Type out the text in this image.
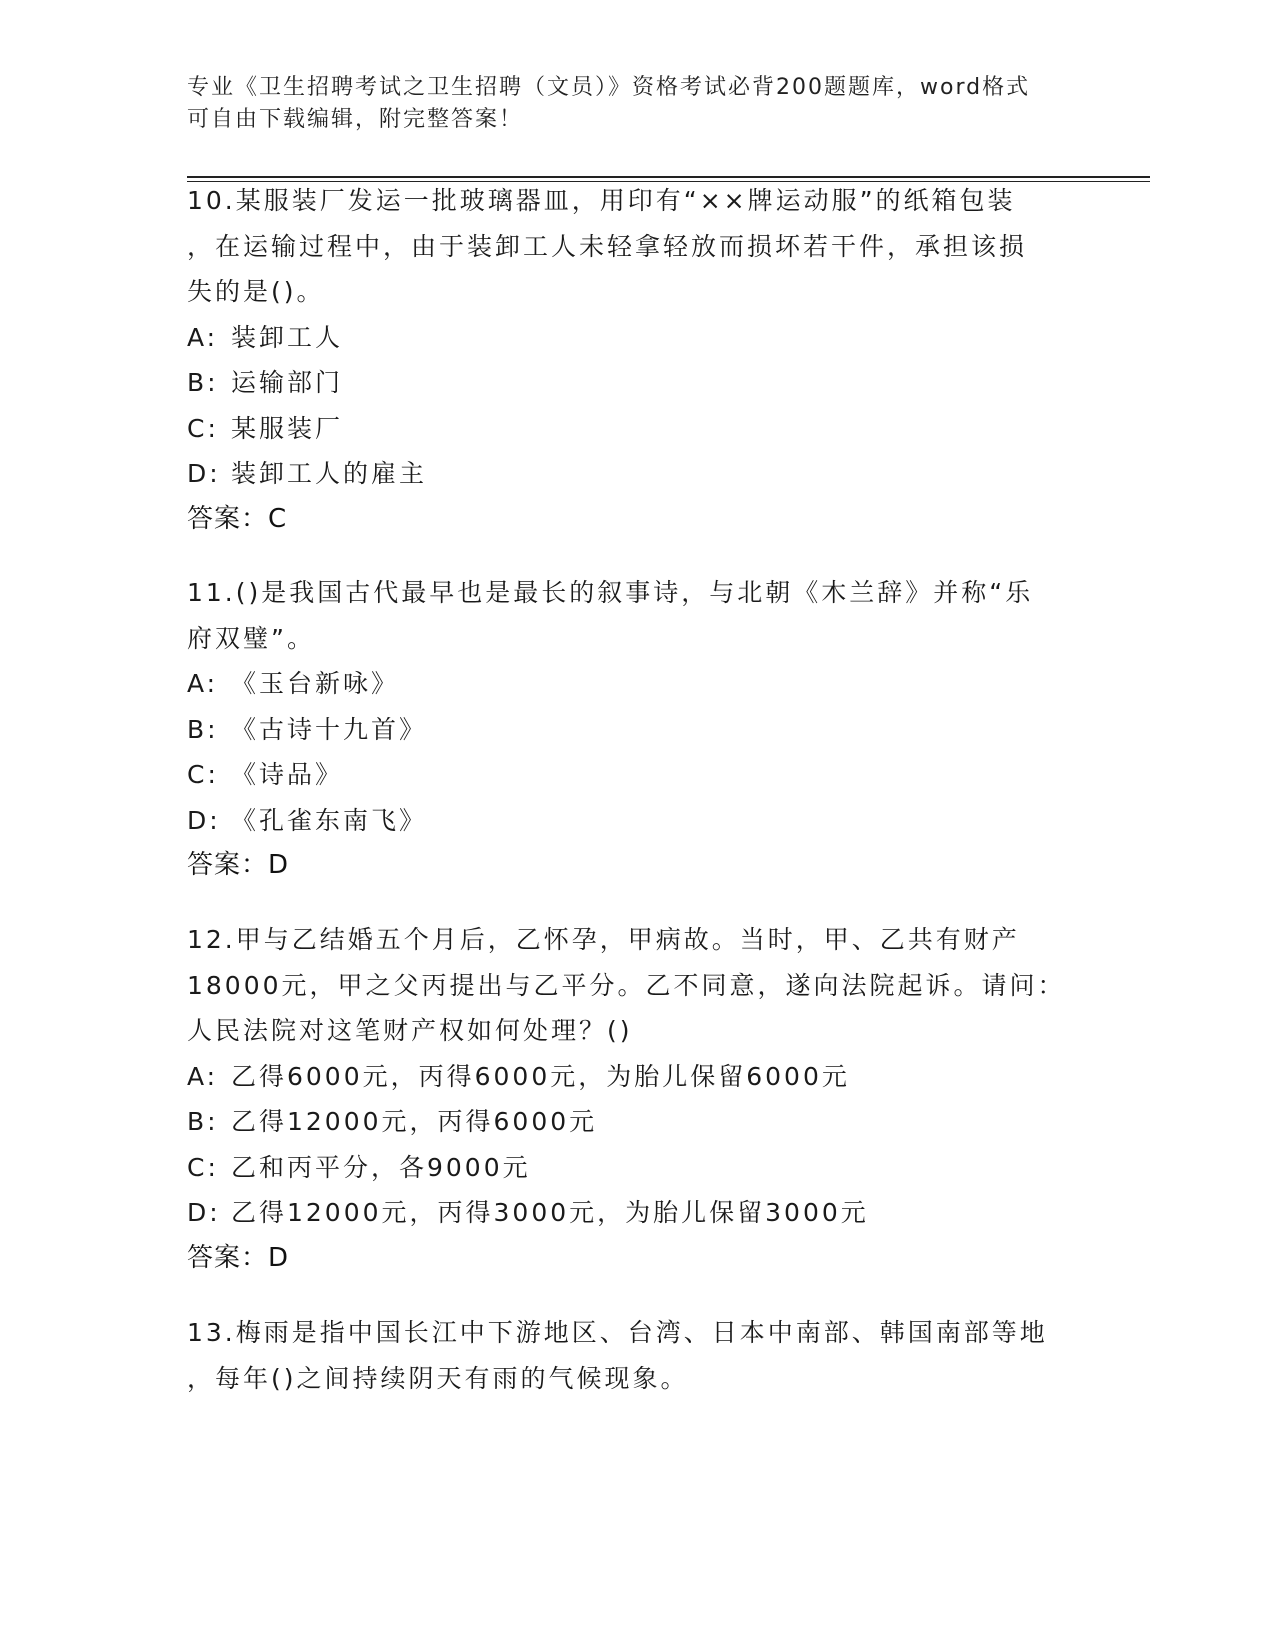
专业《卫生招聘考试之卫生招聘（文员）》资格考试必背200题题库，word格式
可自由下载编辑，附完整答案！
10.某服装厂发运一批玻璃器皿，用印有“××牌运动服”的纸箱包装
，在运输过程中，由于装卸工人未轻拿轻放而损坏若干件，承担该损
失的是()。
A: 装卸工人
B: 运输部门
C: 某服装厂
D: 装卸工人的雇主
答案：C
11.()是我国古代最早也是最长的叙事诗，与北朝《木兰辞》并称“乐
府双璧”。
A: 《玉台新咏》
B: 《古诗十九首》
C: 《诗品》
D: 《孔雀东南飞》
答案：D
12.甲与乙结婚五个月后，乙怀孕，甲病故。当时，甲、乙共有财产
18000元，甲之父丙提出与乙平分。乙不同意，遂向法院起诉。请问：
人民法院对这笔财产权如何处理？()
A: 乙得6000元，丙得6000元，为胎儿保留6000元
B: 乙得12000元，丙得6000元
C: 乙和丙平分，各9000元
D: 乙得12000元，丙得3000元，为胎儿保留3000元
答案：D
13.梅雨是指中国长江中下游地区、台湾、日本中南部、韩国南部等地
，每年()之间持续阴天有雨的气候现象。
